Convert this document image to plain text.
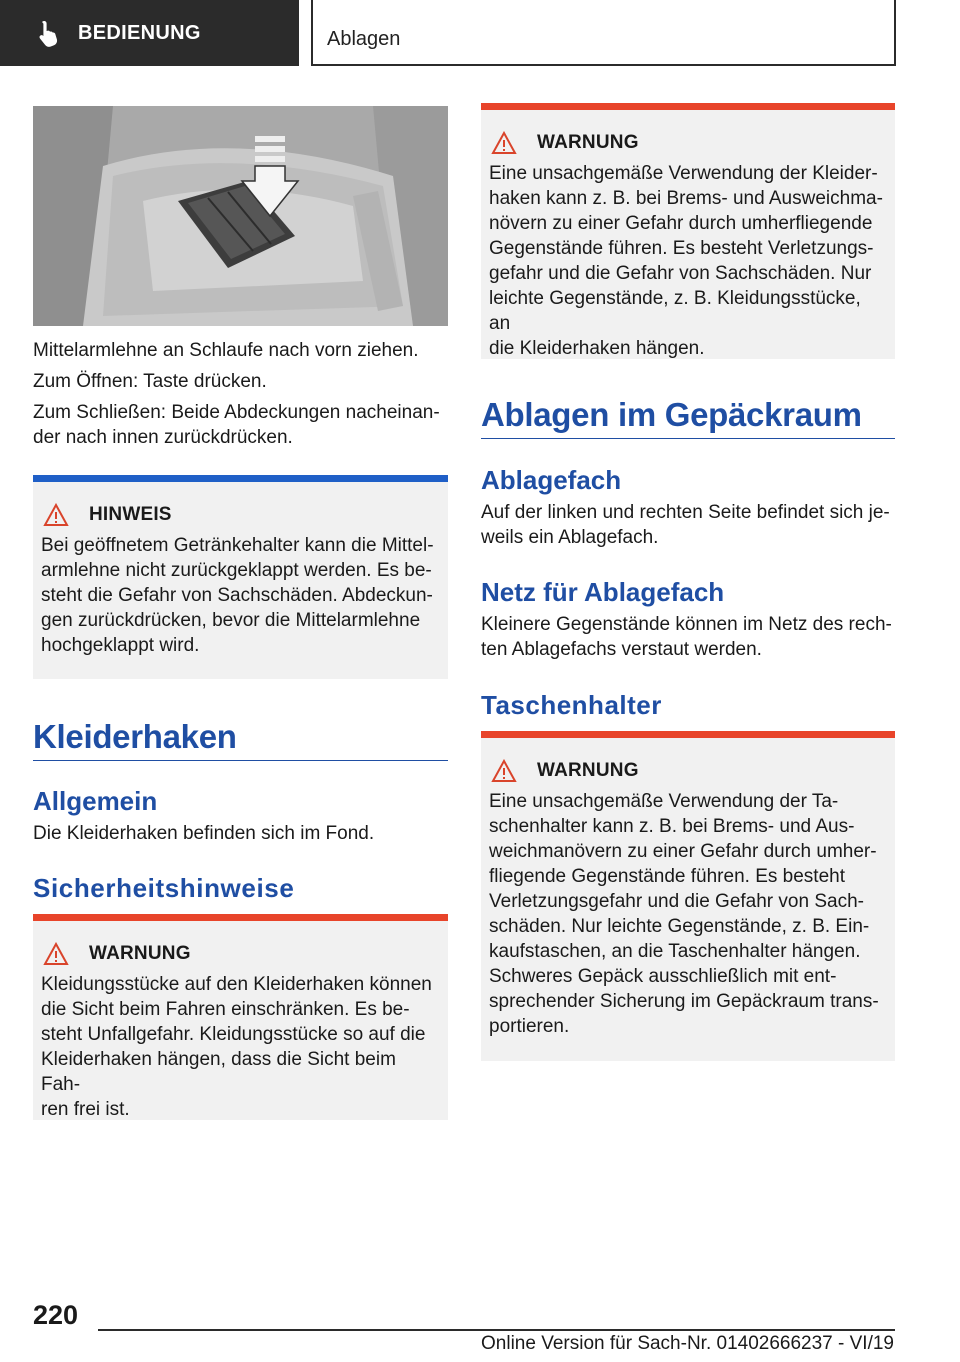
BEDIENUNG	Ablagen

Mittelarmlehne an Schlaufe nach vorn ziehen.

Zum Öffnen: Taste drücken.

Zum Schließen: Beide Abdeckungen nacheinan‐

der nach innen zurückdrücken.

HINWEIS
Bei geöffnetem Getränkehalter kann die Mittel‐
armlehne nicht zurückgeklappt werden. Es be‐
steht die Gefahr von Sachschäden. Abdeckun‐
gen zurückdrücken, bevor die Mittelarmlehne
hochgeklappt wird.
Kleiderhaken
Allgemein

Die Kleiderhaken befinden sich im Fond.

Sicherheitshinweise
WARNUNG
Kleidungsstücke auf den Kleiderhaken können
die Sicht beim Fahren einschränken. Es be‐
steht Unfallgefahr. Kleidungsstücke so auf die
Kleiderhaken hängen, dass die Sicht beim Fah‐
ren frei ist.
WARNUNG
Eine unsachgemäße Verwendung der Kleider‐
haken kann z. B. bei Brems- und Ausweichma‐
növern zu einer Gefahr durch umherfliegende
Gegenstände führen. Es besteht Verletzungs‐
gefahr und die Gefahr von Sachschäden. Nur
leichte Gegenstände, z. B. Kleidungsstücke, an
die Kleiderhaken hängen.
Ablagen im Gepäckraum
Ablagefach

Auf der linken und rechten Seite befindet sich je‐

weils ein Ablagefach.

Netz für Ablagefach

Kleinere Gegenstände können im Netz des rech‐

ten Ablagefachs verstaut werden.

Taschenhalter
WARNUNG
Eine unsachgemäße Verwendung der Ta‐
schenhalter kann z. B. bei Brems- und Aus‐
weichmanövern zu einer Gefahr durch umher‐
fliegende Gegenstände führen. Es besteht
Verletzungsgefahr und die Gefahr von Sach‐
schäden. Nur leichte Gegenstände, z. B. Ein‐
kaufstaschen, an die Taschenhalter hängen.
Schweres Gepäck ausschließlich mit ent‐
sprechender Sicherung im Gepäckraum trans‐
portieren.
220
Online Version für Sach-Nr. 01402666237 - VI/19
